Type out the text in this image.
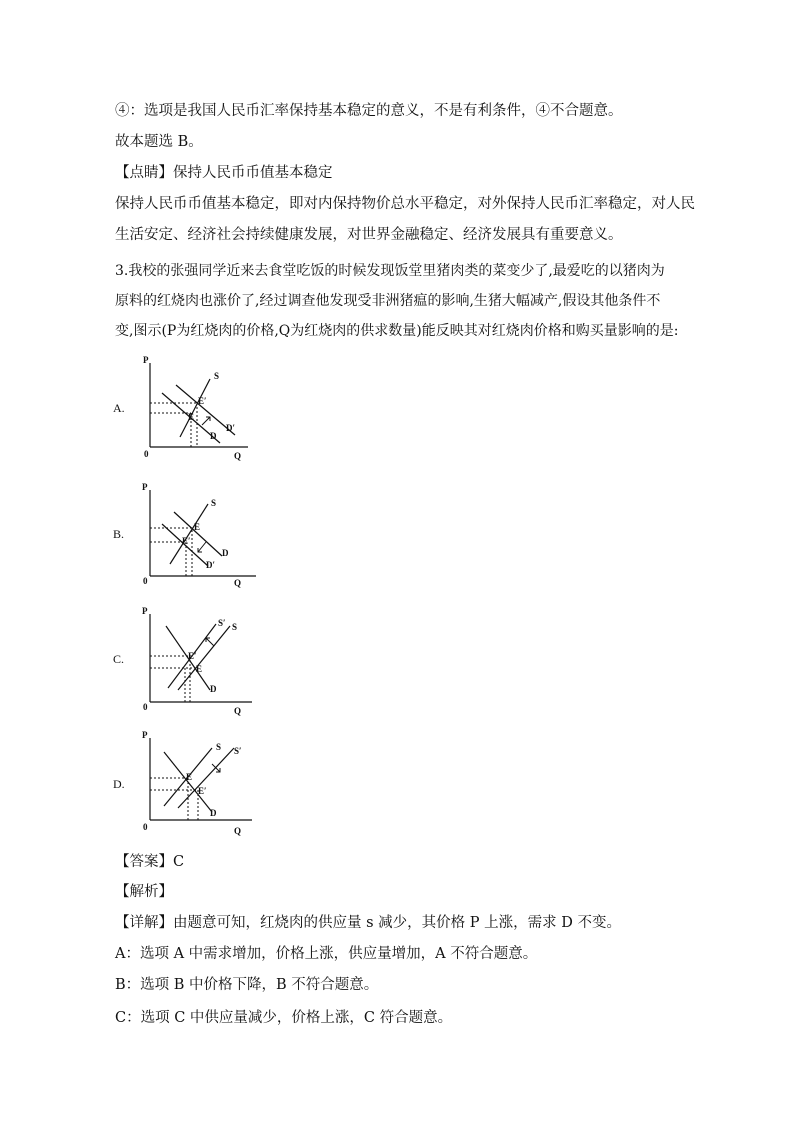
④：选项是我国人民币汇率保持基本稳定的意义，不是有利条件，④不合题意。
故本题选 B。
【点睛】保持人民币币值基本稳定
保持人民币币值基本稳定，即对内保持物价总水平稳定，对外保持人民币汇率稳定，对人民
生活安定、经济社会持续健康发展，对世界金融稳定、经济发展具有重要意义。
3.我校的张强同学近来去食堂吃饭的时候发现饭堂里猪肉类的菜变少了,最爱吃的以猪肉为
原料的红烧肉也涨价了,经过调查他发现受非洲猪瘟的影响,生猪大幅减产,假设其他条件不
变,图示(P为红烧肉的价格,Q为红烧肉的供求数量)能反映其对红烧肉价格和购买量影响的是:
A.
P
0	Q
S
E′
E
D
D′
B.
P
0	Q
S
E
E′
D
D′
C.
P
0	Q
S′ S
E′
E
D
D.
P
0	Q
S S′
E
E′
D
【答案】C
【解析】
【详解】由题意可知，红烧肉的供应量 s 减少，其价格 P 上涨，需求 D 不变。
A：选项 A 中需求增加，价格上涨，供应量增加，A 不符合题意。
B：选项 B 中价格下降，B 不符合题意。
C：选项 C 中供应量减少，价格上涨，C 符合题意。
